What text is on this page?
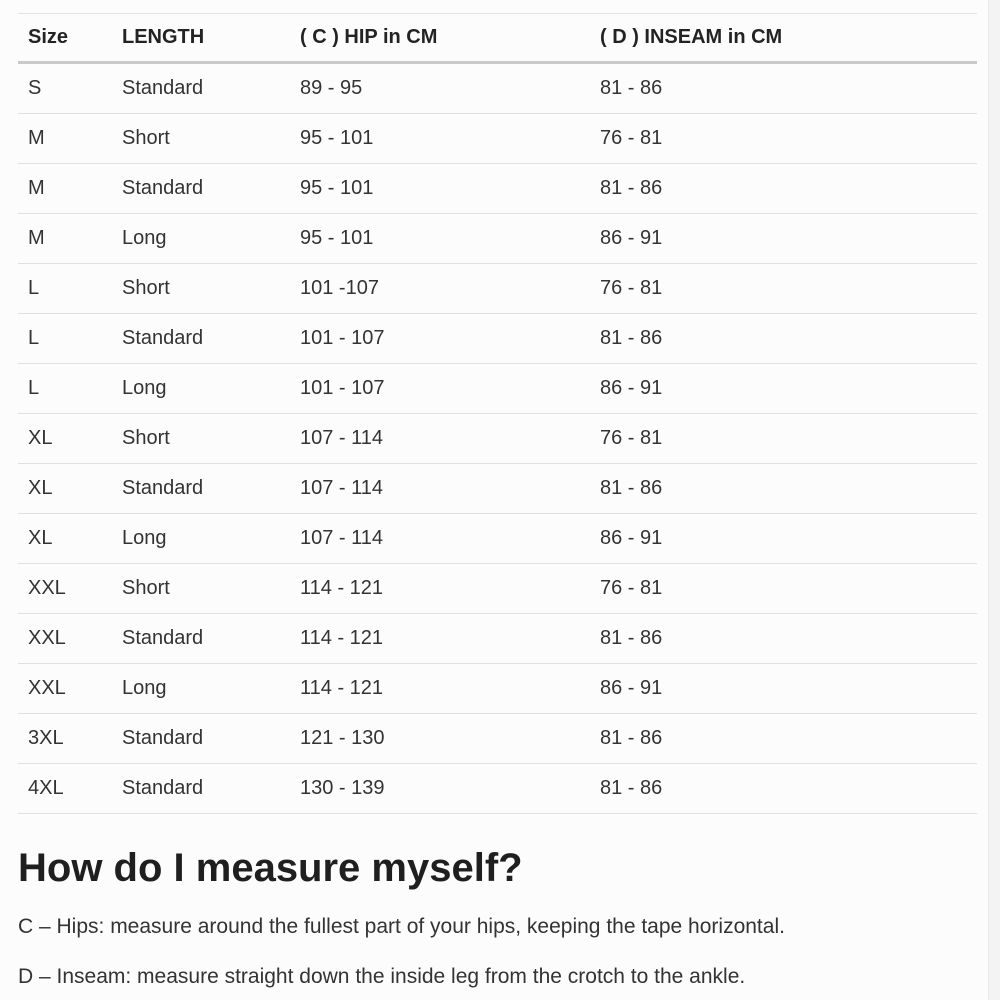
Size	LENGTH	( C ) HIP in CM	( D ) INSEAM in CM
S	Standard	89 - 95	81 - 86
M	Short	95 - 101	76 - 81
M	Standard	95 - 101	81 - 86
M	Long	95 - 101	86 - 91
L	Short	101 -107	76 - 81
L	Standard	101 - 107	81 - 86
L	Long	101 - 107	86 - 91
XL	Short	107 - 114	76 - 81
XL	Standard	107 - 114	81 - 86
XL	Long	107 - 114	86 - 91
XXL	Short	114 - 121	76 - 81
XXL	Standard	114 - 121	81 - 86
XXL	Long	114 - 121	86 - 91
3XL	Standard	121 - 130	81 - 86
4XL	Standard	130 - 139	81 - 86
How do I measure myself?

C – Hips: measure around the fullest part of your hips, keeping the tape horizontal.

D – Inseam: measure straight down the inside leg from the crotch to the ankle.
